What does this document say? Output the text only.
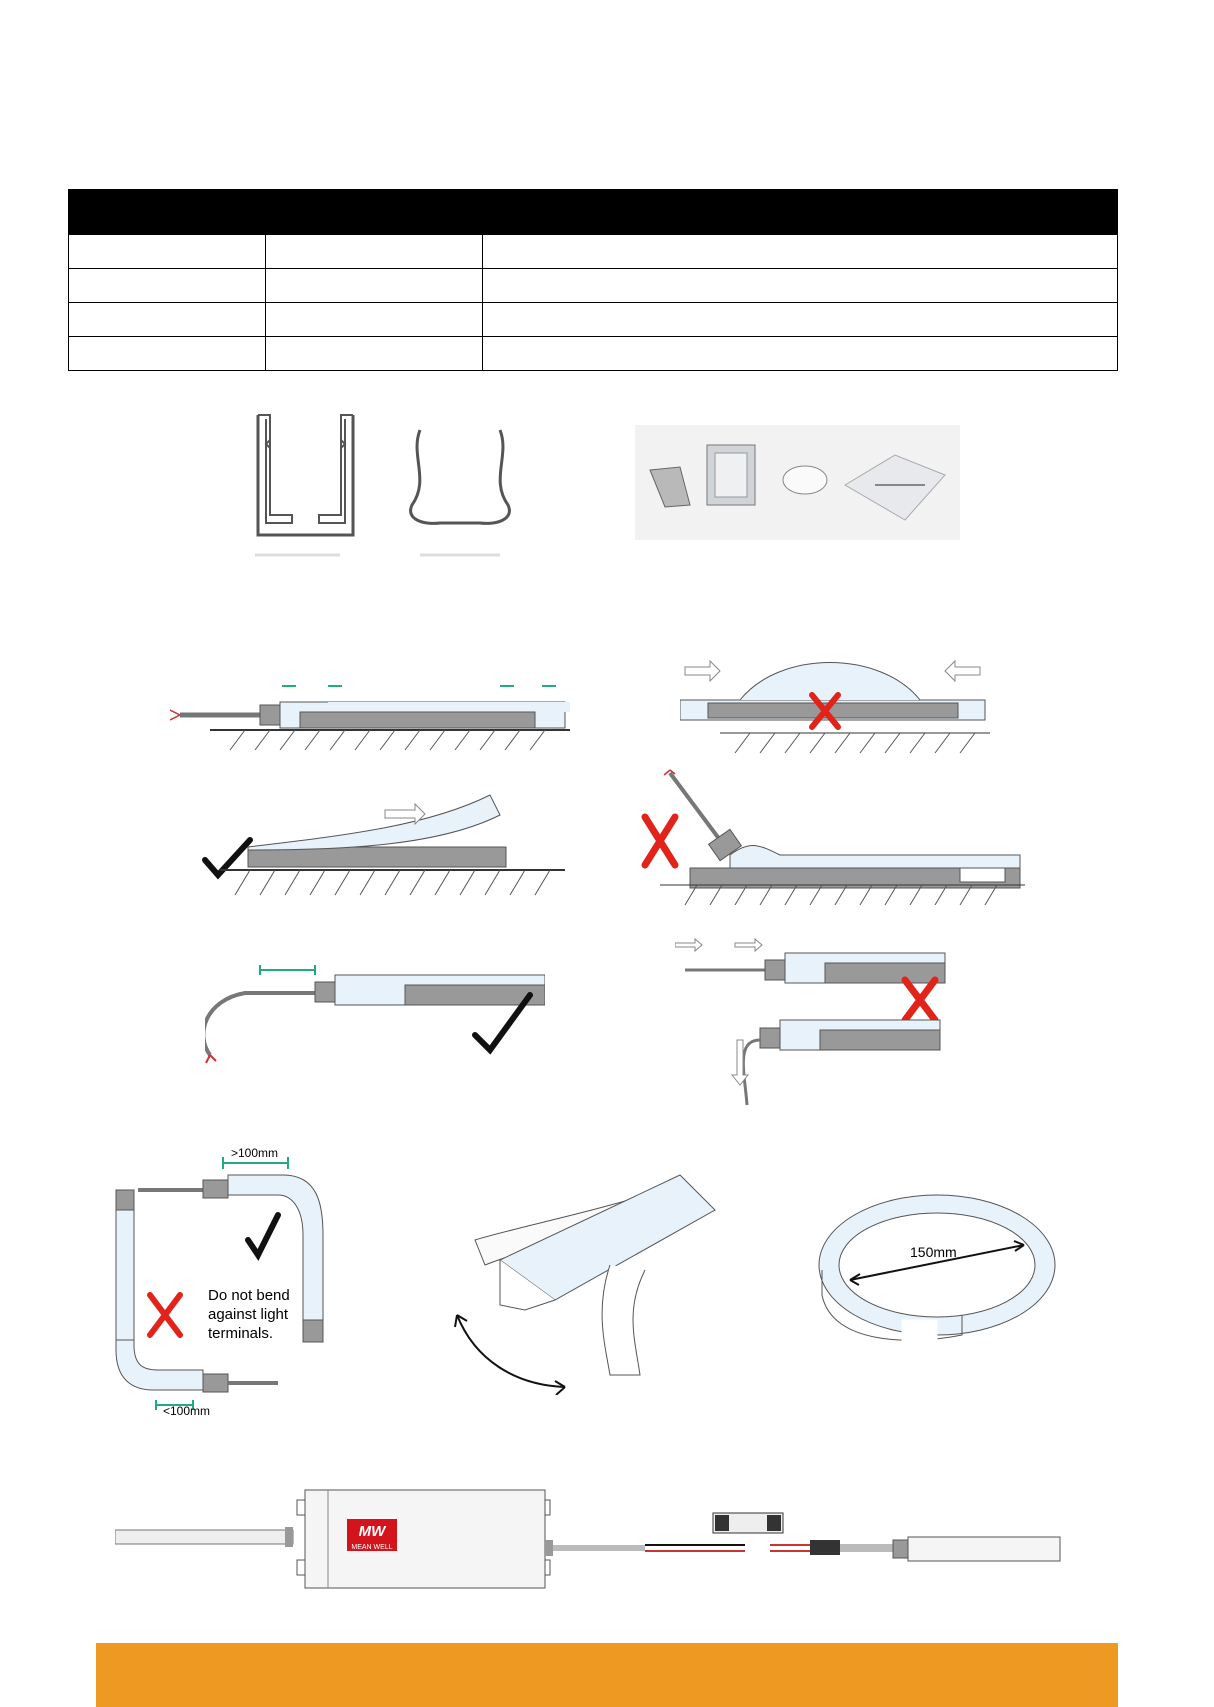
>100mm
<100mm
Do not bend
against light
terminals.
150mm
MW
MEAN WELL
